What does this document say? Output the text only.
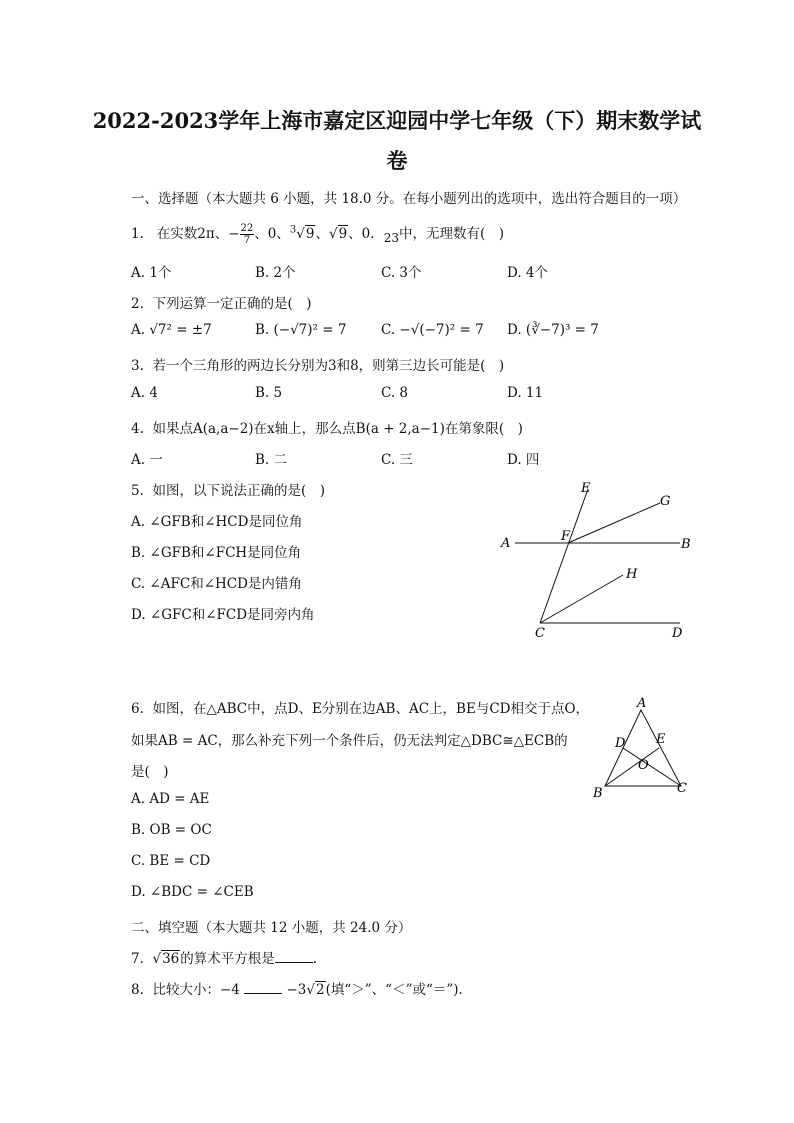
2022-2023学年上海市嘉定区迎园中学七年级（下）期末数学试
卷
一、选择题（本大题共 6 小题，共 18.0 分。在每小题列出的选项中，选出符合题目的一项）
1. 在实数2π、− $\frac{22}{7}$ 、0、$^3$√9、√9、0．23中，无理数有(　)
A. 1个	B. 2个	C. 3个	D. 4个
2. 下列运算一定正确的是(　)
A. √7² = ±7	B. (−√7)² = 7	C. −√(−7)² = 7 D. (∛−7)³ = 7
3. 若一个三角形的两边长分别为3和8，则第三边长可能是(　)
A. 4	B. 5	C. 8	D. 11
4. 如果点A(a,a−2)在x轴上，那么点B(a + 2,a−1)在第象限(　)
A. 一	B. 二	C. 三	D. 四
5. 如图，以下说法正确的是(　)
A. ∠GFB和∠HCD是同位角
B. ∠GFB和∠FCH是同位角
C. ∠AFC和∠HCD是内错角
D. ∠GFC和∠FCD是同旁内角
E
G
A	F
B
H
C	D
6. 如图，在△ABC中，点D、E分别在边AB、AC上，BE与CD相交于点O，
如果AB = AC，那么补充下列一个条件后，仍无法判定△DBC≅△ECB的
是(　)
A. AD = AE
B. OB = OC
C. BE = CD
D. ∠BDC = ∠CEB
A
D E
O
B	C
二、填空题（本大题共 12 小题，共 24.0 分）
7.  √36的算术平方根是	.
8. 比较大小：−4	−3√2(填“＞”、“＜”或“＝”).
